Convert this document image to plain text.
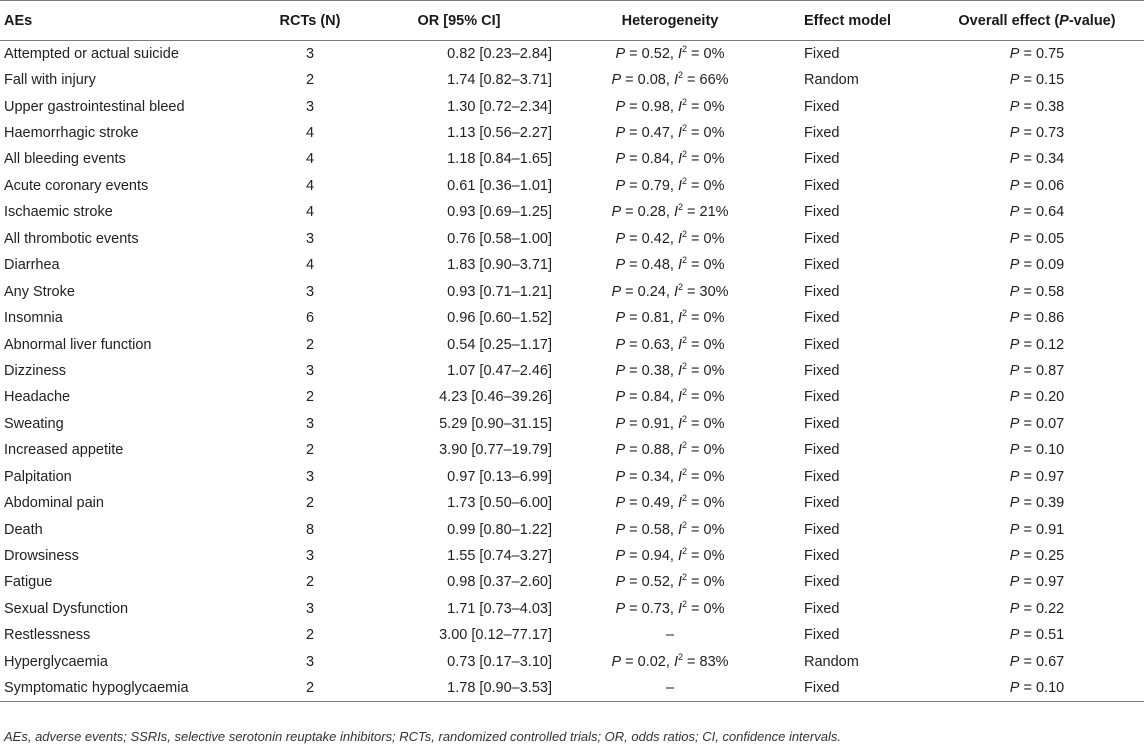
AEs	RCTs (N)	OR [95% CI]	Heterogeneity	Effect model	Overall effect (P-value)
Attempted or actual suicide	3	0.82 [0.23–2.84]	P = 0.52, $I^2 = 0\%$	Fixed	P = 0.75
Fall with injury	2	1.74 [0.82–3.71]	P = 0.08, $I^2 = 66\%$	Random	P = 0.15
Upper gastrointestinal bleed	3	1.30 [0.72–2.34]	P = 0.98, $I^2 = 0\%$	Fixed	P = 0.38
Haemorrhagic stroke	4	1.13 [0.56–2.27]	P = 0.47, $I^2 = 0\%$	Fixed	P = 0.73
All bleeding events	4	1.18 [0.84–1.65]	P = 0.84, $I^2 = 0\%$	Fixed	P = 0.34
Acute coronary events	4	0.61 [0.36–1.01]	P = 0.79, $I^2 = 0\%$	Fixed	P = 0.06
Ischaemic stroke	4	0.93 [0.69–1.25]	P = 0.28, $I^2 = 21\%$	Fixed	P = 0.64
All thrombotic events	3	0.76 [0.58–1.00]	P = 0.42, $I^2 = 0\%$	Fixed	P = 0.05
Diarrhea	4	1.83 [0.90–3.71]	P = 0.48, $I^2 = 0\%$	Fixed	P = 0.09
Any Stroke	3	0.93 [0.71–1.21]	P = 0.24, $I^2 = 30\%$	Fixed	P = 0.58
Insomnia	6	0.96 [0.60–1.52]	P = 0.81, $I^2 = 0\%$	Fixed	P = 0.86
Abnormal liver function	2	0.54 [0.25–1.17]	P = 0.63, $I^2 = 0\%$	Fixed	P = 0.12
Dizziness	3	1.07 [0.47–2.46]	P = 0.38, $I^2 = 0\%$	Fixed	P = 0.87
Headache	2	4.23 [0.46–39.26]	P = 0.84, $I^2 = 0\%$	Fixed	P = 0.20
Sweating	3	5.29 [0.90–31.15]	P = 0.91, $I^2 = 0\%$	Fixed	P = 0.07
Increased appetite	2	3.90 [0.77–19.79]	P = 0.88, $I^2 = 0\%$	Fixed	P = 0.10
Palpitation	3	0.97 [0.13–6.99]	P = 0.34, $I^2 = 0\%$	Fixed	P = 0.97
Abdominal pain	2	1.73 [0.50–6.00]	P = 0.49, $I^2 = 0\%$	Fixed	P = 0.39
Death	8	0.99 [0.80–1.22]	P = 0.58, $I^2 = 0\%$	Fixed	P = 0.91
Drowsiness	3	1.55 [0.74–3.27]	P = 0.94, $I^2 = 0\%$	Fixed	P = 0.25
Fatigue	2	0.98 [0.37–2.60]	P = 0.52, $I^2 = 0\%$	Fixed	P = 0.97
Sexual Dysfunction	3	1.71 [0.73–4.03]	P = 0.73, $I^2 = 0\%$	Fixed	P = 0.22
Restlessness	2	3.00 [0.12–77.17]	–	Fixed	P = 0.51
Hyperglycaemia	3	0.73 [0.17–3.10]	P = 0.02, $I^2 = 83\%$	Random	P = 0.67
Symptomatic hypoglycaemia	2	1.78 [0.90–3.53]	–	Fixed	P = 0.10
AEs, adverse events; SSRIs, selective serotonin reuptake inhibitors; RCTs, randomized controlled trials; OR, odds ratios; CI, confidence intervals.
